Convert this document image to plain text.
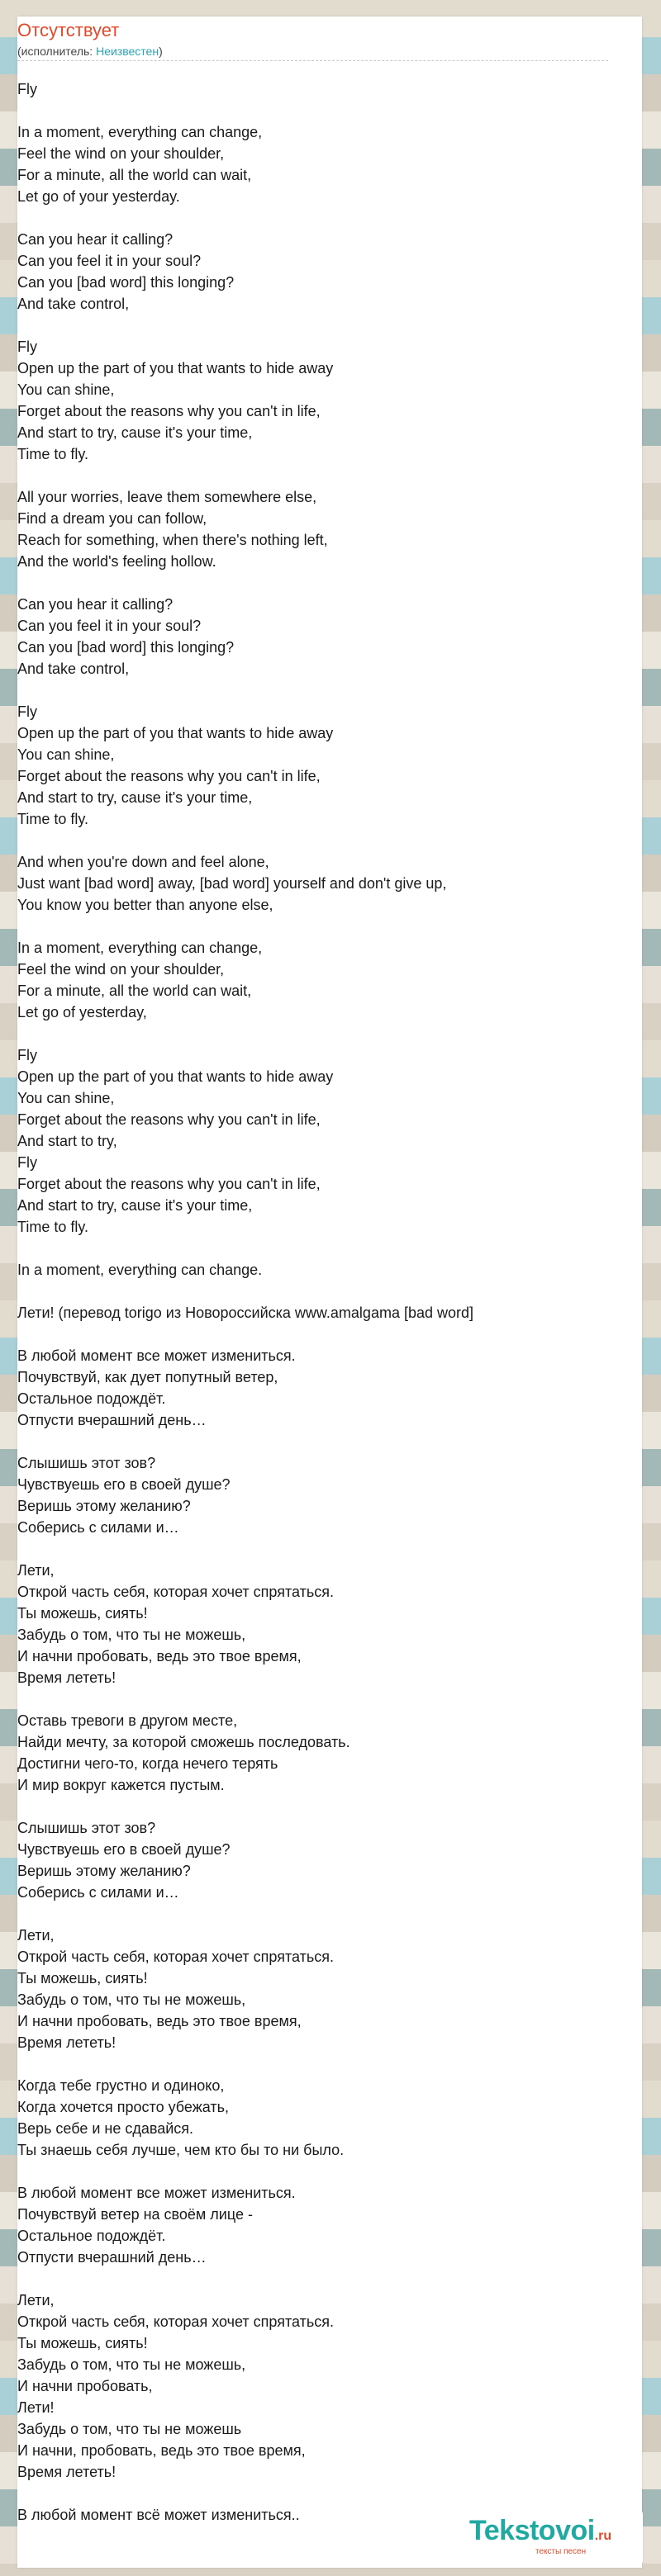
Отсутствует
(исполнитель: Неизвестен)
Fly
In a moment, everything can change,
Feel the wind on your shoulder,
For a minute, all the world can wait,
Let go of your yesterday.
Can you hear it calling?
Can you feel it in your soul?
Can you [bad word] this longing?
And take control,
Fly
Open up the part of you that wants to hide away
You can shine,
Forget about the reasons why you can't in life,
And start to try, cause it's your time,
Time to fly.
All your worries, leave them somewhere else,
Find a dream you can follow,
Reach for something, when there's nothing left,
And the world's feeling hollow.
Can you hear it calling?
Can you feel it in your soul?
Can you [bad word] this longing?
And take control,
Fly
Open up the part of you that wants to hide away
You can shine,
Forget about the reasons why you can't in life,
And start to try, cause it's your time,
Time to fly.
And when you're down and feel alone,
Just want [bad word] away, [bad word] yourself and don't give up,
You know you better than anyone else,
In a moment, everything can change,
Feel the wind on your shoulder,
For a minute, all the world can wait,
Let go of yesterday,
Fly
Open up the part of you that wants to hide away
You can shine,
Forget about the reasons why you can't in life,
And start to try,
Fly
Forget about the reasons why you can't in life,
And start to try, cause it's your time,
Time to fly.
In a moment, everything can change.
Лети! (перевод torigo из Новороссийска www.amalgama [bad word]
В любой момент все может измениться.
Почувствуй, как дует попутный ветер,
Остальное подождёт.
Отпусти вчерашний день…
Слышишь этот зов?
Чувствуешь его в своей душе?
Веришь этому желанию?
Соберись с силами и…
Лети,
Открой часть себя, которая хочет спрятаться.
Ты можешь, сиять!
Забудь о том, что ты не можешь,
И начни пробовать, ведь это твое время,
Время лететь!
Оставь тревоги в другом месте,
Найди мечту, за которой сможешь последовать.
Достигни чего-то, когда нечего терять
И мир вокруг кажется пустым.
Слышишь этот зов?
Чувствуешь его в своей душе?
Веришь этому желанию?
Соберись с силами и…
Лети,
Открой часть себя, которая хочет спрятаться.
Ты можешь, сиять!
Забудь о том, что ты не можешь,
И начни пробовать, ведь это твое время,
Время лететь!
Когда тебе грустно и одиноко,
Когда хочется просто убежать,
Верь себе и не сдавайся.
Ты знаешь себя лучше, чем кто бы то ни было.
В любой момент все может измениться.
Почувствуй ветер на своём лице -
Остальное подождёт.
Отпусти вчерашний день…
Лети,
Открой часть себя, которая хочет спрятаться.
Ты можешь, сиять!
Забудь о том, что ты не можешь,
И начни пробовать,
Лети!
Забудь о том, что ты не можешь
И начни, пробовать, ведь это твое время,
Время лететь!
В любой момент всё может измениться..	Tekstovoi.ru
тексты песен
